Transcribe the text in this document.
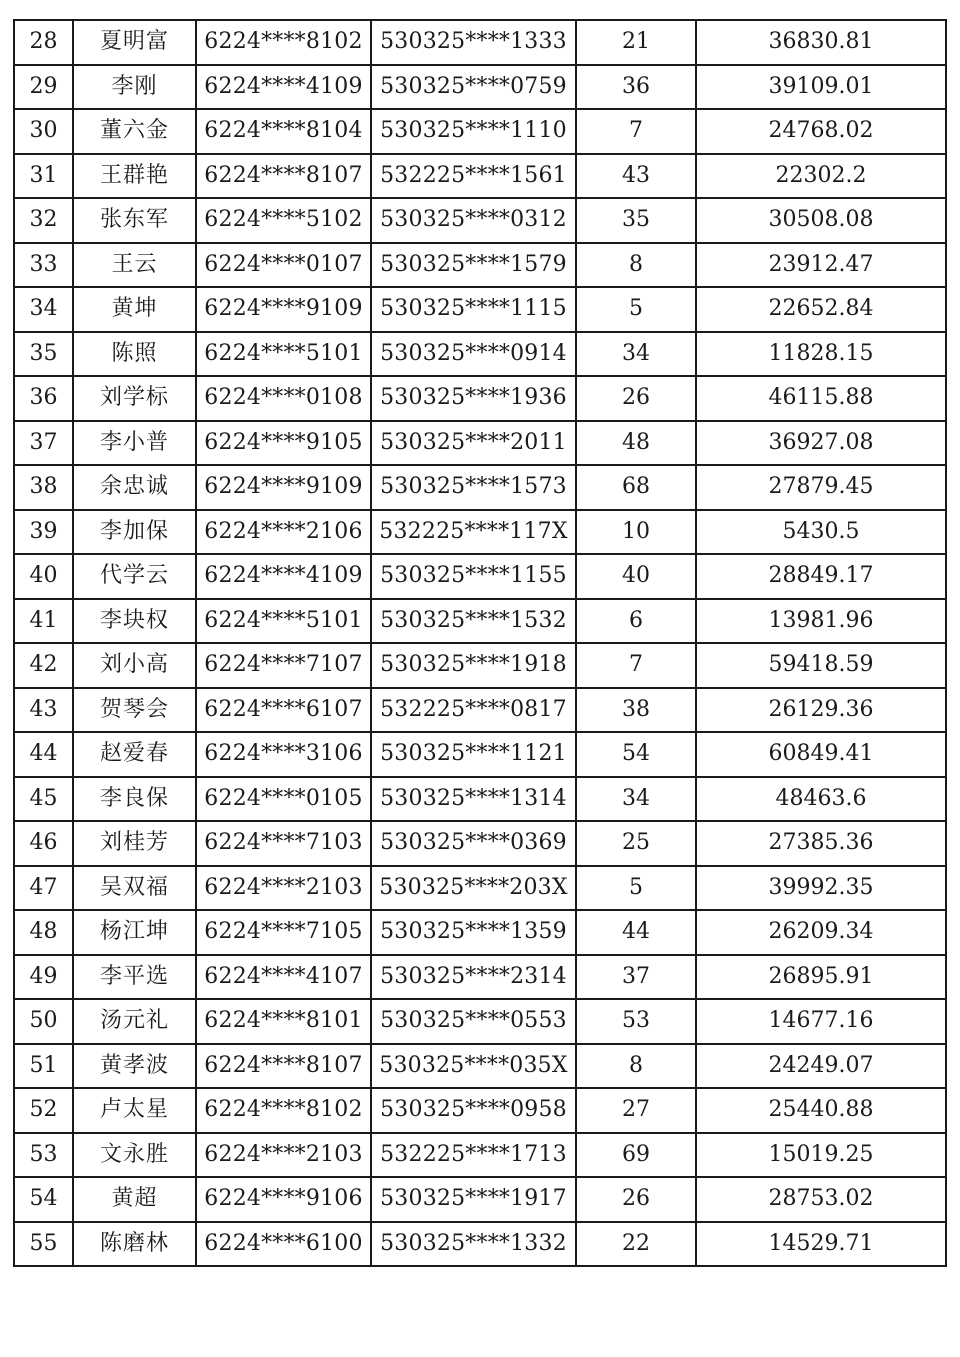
28	夏明富	6224****8102	530325****1333	21	36830.81
29	李刚	6224****4109	530325****0759	36	39109.01
30	董六金	6224****8104	530325****1110	7	24768.02
31	王群艳	6224****8107	532225****1561	43	22302.2
32	张东军	6224****5102	530325****0312	35	30508.08
33	王云	6224****0107	530325****1579	8	23912.47
34	黄坤	6224****9109	530325****1115	5	22652.84
35	陈照	6224****5101	530325****0914	34	11828.15
36	刘学标	6224****0108	530325****1936	26	46115.88
37	李小普	6224****9105	530325****2011	48	36927.08
38	余忠诚	6224****9109	530325****1573	68	27879.45
39	李加保	6224****2106	532225****117X	10	5430.5
40	代学云	6224****4109	530325****1155	40	28849.17
41	李块权	6224****5101	530325****1532	6	13981.96
42	刘小高	6224****7107	530325****1918	7	59418.59
43	贺琴会	6224****6107	532225****0817	38	26129.36
44	赵爱春	6224****3106	530325****1121	54	60849.41
45	李良保	6224****0105	530325****1314	34	48463.6
46	刘桂芳	6224****7103	530325****0369	25	27385.36
47	吴双福	6224****2103	530325****203X	5	39992.35
48	杨江坤	6224****7105	530325****1359	44	26209.34
49	李平选	6224****4107	530325****2314	37	26895.91
50	汤元礼	6224****8101	530325****0553	53	14677.16
51	黄孝波	6224****8107	530325****035X	8	24249.07
52	卢太星	6224****8102	530325****0958	27	25440.88
53	文永胜	6224****2103	532225****1713	69	15019.25
54	黄超	6224****9106	530325****1917	26	28753.02
55	陈磨林	6224****6100	530325****1332	22	14529.71
